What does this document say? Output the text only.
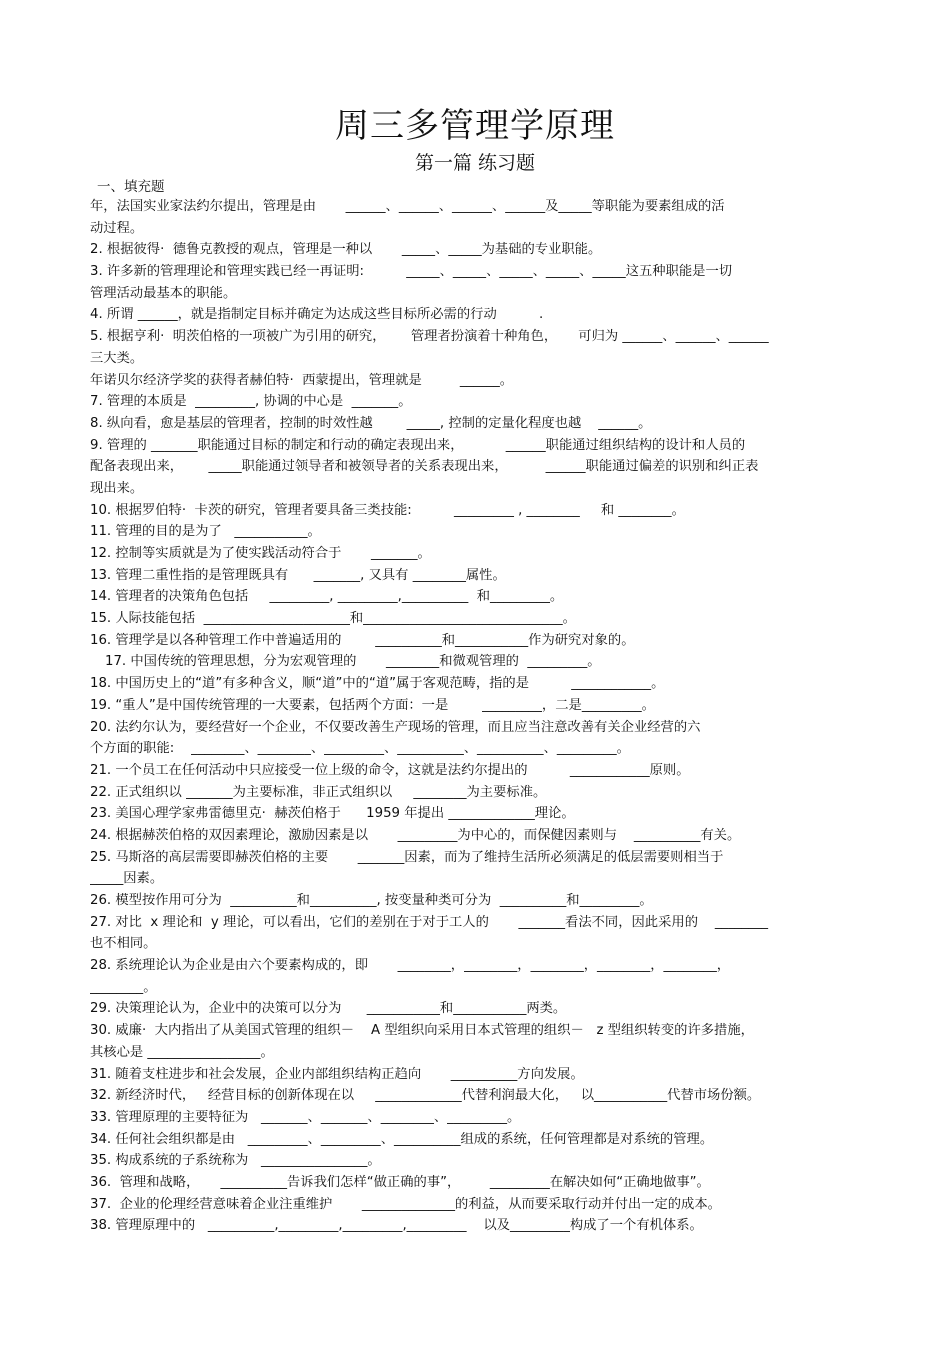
周三多管理学原理
第一篇 练习题
一、填充题
年，法国实业家法约尔提出，管理是由       ______、______、______、______及_____等职能为要素组成的活
动过程。
2. 根据彼得·  德鲁克教授的观点，管理是一种以       _____、_____为基础的专业职能。
3. 许多新的管理理论和管理实践已经一再证明:          _____、_____、_____、_____、_____这五种职能是一切
管理活动最基本的职能。
4. 所谓 ______，就是指制定目标并确定为达成这些目标所必需的行动          .
5. 根据亨利·  明茨伯格的一项被广为引用的研究，      管理者扮演着十种角色，     可归为 ______、______、______
三大类。
年诺贝尔经济学奖的获得者赫伯特·  西蒙提出，管理就是         ______。
7. 管理的本质是  _________, 协调的中心是  _______。
8. 纵向看，愈是基层的管理者，控制的时效性越        _____, 控制的定量化程度也越    ______。
9. 管理的 _______职能通过目标的制定和行动的确定表现出来，          ______职能通过组织结构的设计和人员的
配备表现出来，      _____职能通过领导者和被领导者的关系表现出来，         ______职能通过偏差的识别和纠正表
现出来。
10. 根据罗伯特·  卡茨的研究，管理者要具备三类技能:          _________ , ________     和 ________。
11. 管理的目的是为了   ___________。
12. 控制等实质就是为了使实践活动符合于       _______。
13. 管理二重性指的是管理既具有      _______, 又具有 ________属性。
14. 管理者的决策角色包括     _________, _________,__________  和_________。
15. 人际技能包括  ______________________和______________________________。
16. 管理学是以各种管理工作中普遍适用的        __________和___________作为研究对象的。
17. 中国传统的管理思想，分为宏观管理的       ________和微观管理的  _________。
18. 中国历史上的“道”有多种含义，顺“道”中的“道”属于客观范畴，指的是          ____________。
19. “重人”是中国传统管理的一大要素，包括两个方面：一是        _________，二是_________。
20. 法约尔认为，要经营好一个企业，不仅要改善生产现场的管理，而且应当注意改善有关企业经营的六
个方面的职能:    ________、________、_________、__________、__________、_________。
21. 一个员工在任何活动中只应接受一位上级的命令，这就是法约尔提出的          ____________原则。
22. 正式组织以 _______为主要标准，非正式组织以     ________为主要标准。
23. 美国心理学家弗雷德里克·  赫茨伯格于      1959 年提出 _____________理论。
24. 根据赫茨伯格的双因素理论，激励因素是以       _________为中心的，而保健因素则与    __________有关。
25. 马斯洛的高层需要即赫茨伯格的主要       _______因素，而为了维持生活所必须满足的低层需要则相当于
_____因素。
26. 模型按作用可分为  __________和__________, 按变量种类可分为  __________和_________。
27. 对比  x 理论和  y 理论，可以看出，它们的差别在于对于工人的       _______看法不同，因此采用的    ________
也不相同。
28. 系统理论认为企业是由六个要素构成的，即       ________，________，________，________，________，
________。
29. 决策理论认为，企业中的决策可以分为      ___________和___________两类。
30. 威廉·  大内指出了从美国式管理的组织－    A 型组织向采用日本式管理的组织－   z 型组织转变的许多措施，
其核心是 _________________。
31. 随着支柱进步和社会发展，企业内部组织结构正趋向       __________方向发展。
32. 新经济时代，   经营目标的创新体现在以     _____________代替利润最大化，   以___________代替市场份额。
33. 管理原理的主要特征为   _______、_______、________、_________。
34. 任何社会组织都是由   _________、_________、__________组成的系统，任何管理都是对系统的管理。
35. 构成系统的子系统称为   ________________。
36.  管理和战略，     __________告诉我们怎样“做正确的事”，       _________在解决如何“正确地做事”。
37.  企业的伦理经营意味着企业注重维护       ______________的利益，从而要采取行动并付出一定的成本。
38. 管理原理中的   __________,_________,_________,_________    以及_________构成了一个有机体系。
